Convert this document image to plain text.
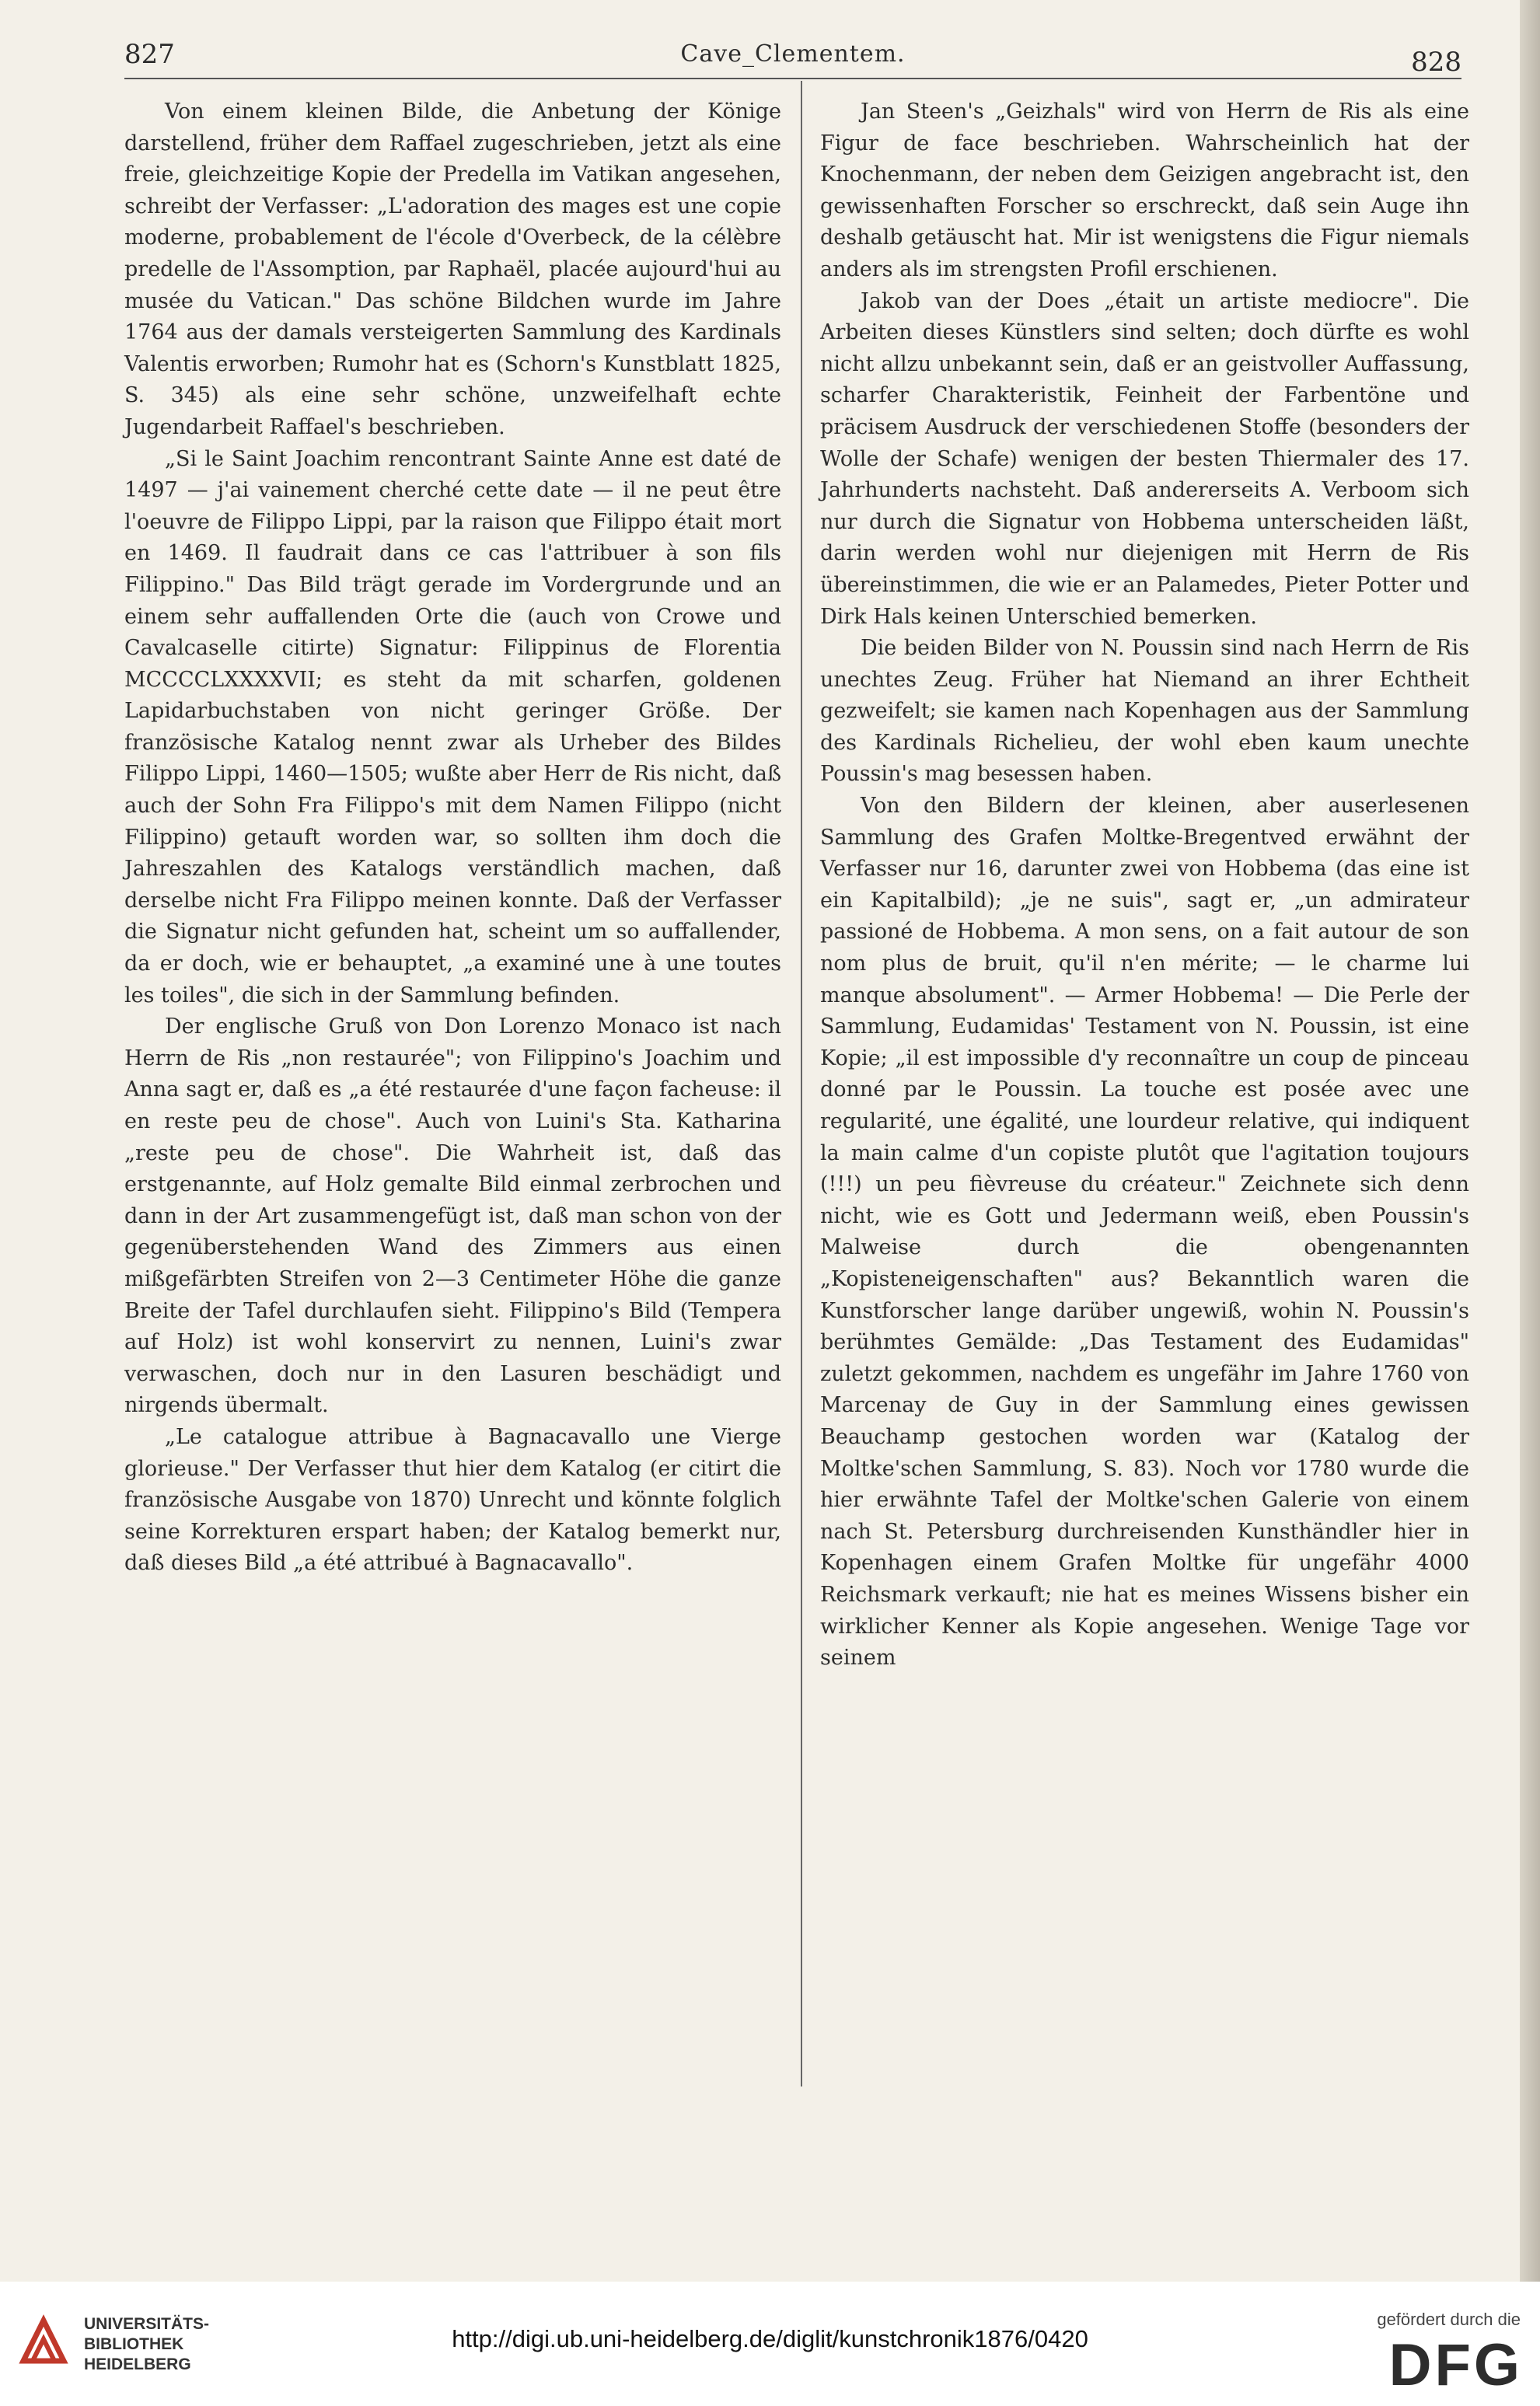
827	Cave_Clementem.	828

Von einem kleinen Bilde, die Anbetung der Könige darstellend, früher dem Raffael zugeschrieben, jetzt als eine freie, gleichzeitige Kopie der Predella im Vatikan angesehen, schreibt der Verfasser: „L'adoration des mages est une copie moderne, probablement de l'école d'Overbeck, de la célèbre predelle de l'Assomption, par Raphaël, placée aujourd'hui au musée du Vatican." Das schöne Bildchen wurde im Jahre 1764 aus der damals versteigerten Sammlung des Kardinals Valentis erworben; Rumohr hat es (Schorn's Kunstblatt 1825, S. 345) als eine sehr schöne, unzweifelhaft echte Jugendarbeit Raffael's beschrieben.

„Si le Saint Joachim rencontrant Sainte Anne est daté de 1497 — j'ai vainement cherché cette date — il ne peut être l'oeuvre de Filippo Lippi, par la raison que Filippo était mort en 1469. Il faudrait dans ce cas l'attribuer à son fils Filippino." Das Bild trägt gerade im Vordergrunde und an einem sehr auffallenden Orte die (auch von Crowe und Cavalcaselle citirte) Signatur: Filippinus de Florentia MCCCCLXXXXVII; es steht da mit scharfen, goldenen Lapidarbuchstaben von nicht geringer Größe. Der französische Katalog nennt zwar als Urheber des Bildes Filippo Lippi, 1460—1505; wußte aber Herr de Ris nicht, daß auch der Sohn Fra Filippo's mit dem Namen Filippo (nicht Filippino) getauft worden war, so sollten ihm doch die Jahreszahlen des Katalogs verständlich machen, daß derselbe nicht Fra Filippo meinen konnte. Daß der Verfasser die Signatur nicht gefunden hat, scheint um so auffallender, da er doch, wie er behauptet, „a examiné une à une toutes les toiles", die sich in der Sammlung befinden.

Der englische Gruß von Don Lorenzo Monaco ist nach Herrn de Ris „non restaurée"; von Filippino's Joachim und Anna sagt er, daß es „a été restaurée d'une façon facheuse: il en reste peu de chose". Auch von Luini's Sta. Katharina „reste peu de chose". Die Wahrheit ist, daß das erstgenannte, auf Holz gemalte Bild einmal zerbrochen und dann in der Art zusammengefügt ist, daß man schon von der gegenüberstehenden Wand des Zimmers aus einen mißgefärbten Streifen von 2—3 Centimeter Höhe die ganze Breite der Tafel durchlaufen sieht. Filippino's Bild (Tempera auf Holz) ist wohl konservirt zu nennen, Luini's zwar verwaschen, doch nur in den Lasuren beschädigt und nirgends übermalt.

„Le catalogue attribue à Bagnacavallo une Vierge glorieuse." Der Verfasser thut hier dem Katalog (er citirt die französische Ausgabe von 1870) Unrecht und könnte folglich seine Korrekturen erspart haben; der Katalog bemerkt nur, daß dieses Bild „a été attribué à Bagnacavallo".

Jan Steen's „Geizhals" wird von Herrn de Ris als eine Figur de face beschrieben. Wahrscheinlich hat der Knochenmann, der neben dem Geizigen angebracht ist, den gewissenhaften Forscher so erschreckt, daß sein Auge ihn deshalb getäuscht hat. Mir ist wenigstens die Figur niemals anders als im strengsten Profil erschienen.

Jakob van der Does „était un artiste mediocre". Die Arbeiten dieses Künstlers sind selten; doch dürfte es wohl nicht allzu unbekannt sein, daß er an geistvoller Auffassung, scharfer Charakteristik, Feinheit der Farbentöne und präcisem Ausdruck der verschiedenen Stoffe (besonders der Wolle der Schafe) wenigen der besten Thiermaler des 17. Jahrhunderts nachsteht. Daß andererseits A. Verboom sich nur durch die Signatur von Hobbema unterscheiden läßt, darin werden wohl nur diejenigen mit Herrn de Ris übereinstimmen, die wie er an Palamedes, Pieter Potter und Dirk Hals keinen Unterschied bemerken.

Die beiden Bilder von N. Poussin sind nach Herrn de Ris unechtes Zeug. Früher hat Niemand an ihrer Echtheit gezweifelt; sie kamen nach Kopenhagen aus der Sammlung des Kardinals Richelieu, der wohl eben kaum unechte Poussin's mag besessen haben.

Von den Bildern der kleinen, aber auserlesenen Sammlung des Grafen Moltke-Bregentved erwähnt der Verfasser nur 16, darunter zwei von Hobbema (das eine ist ein Kapitalbild); „je ne suis", sagt er, „un admirateur passioné de Hobbema. A mon sens, on a fait autour de son nom plus de bruit, qu'il n'en mérite; — le charme lui manque absolument". — Armer Hobbema! — Die Perle der Sammlung, Eudamidas' Testament von N. Poussin, ist eine Kopie; „il est impossible d'y reconnaître un coup de pinceau donné par le Poussin. La touche est posée avec une regularité, une égalité, une lourdeur relative, qui indiquent la main calme d'un copiste plutôt que l'agitation toujours (!!!) un peu fièvreuse du créateur." Zeichnete sich denn nicht, wie es Gott und Jedermann weiß, eben Poussin's Malweise durch die obengenannten „Kopisteneigenschaften" aus? Bekanntlich waren die Kunstforscher lange darüber ungewiß, wohin N. Poussin's berühmtes Gemälde: „Das Testament des Eudamidas" zuletzt gekommen, nachdem es ungefähr im Jahre 1760 von Marcenay de Guy in der Sammlung eines gewissen Beauchamp gestochen worden war (Katalog der Moltke'schen Sammlung, S. 83). Noch vor 1780 wurde die hier erwähnte Tafel der Moltke'schen Galerie von einem nach St. Petersburg durchreisenden Kunsthändler hier in Kopenhagen einem Grafen Moltke für ungefähr 4000 Reichsmark verkauft; nie hat es meines Wissens bisher ein wirklicher Kenner als Kopie angesehen. Wenige Tage vor seinem

UNIVERSITÄTS-
BIBLIOTHEK
HEIDELBERG
http://digi.ub.uni-heidelberg.de/diglit/kunstchronik1876/0420
gefördert durch die
DFG
